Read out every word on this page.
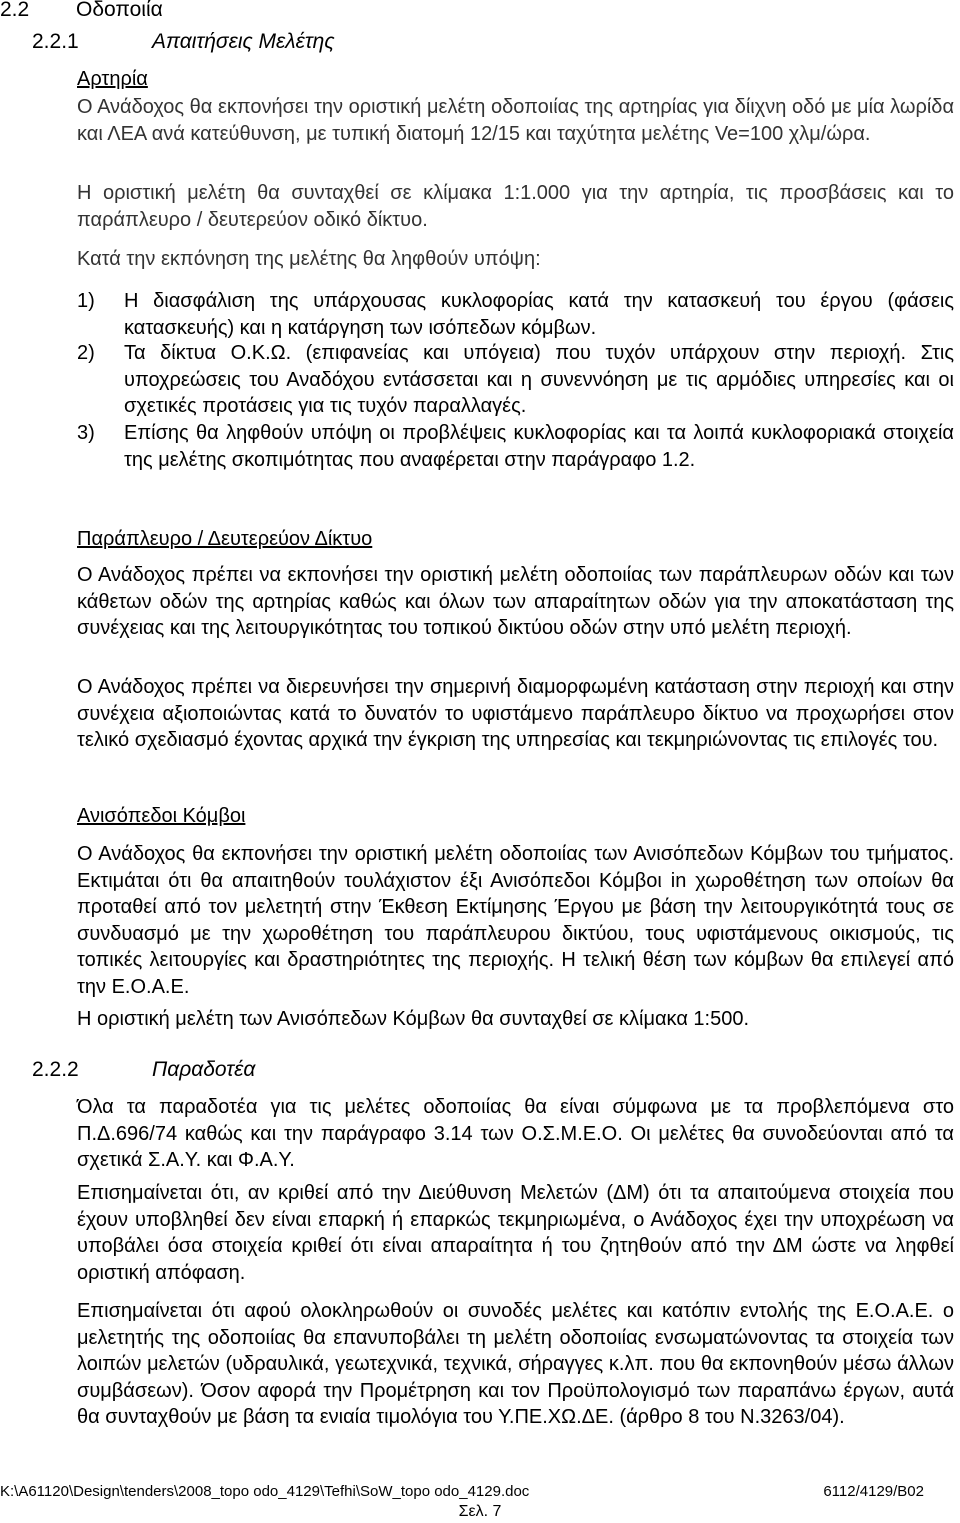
2.2 Οδοποιία
2.2.1	Απαιτήσεις Μελέτης
Αρτηρία
Ο Ανάδοχος θα εκπονήσει την οριστική μελέτη οδοποιίας της αρτηρίας για δίιχνη οδό με μία λωρίδα και ΛΕΑ ανά κατεύθυνση, με τυπική διατομή 12/15 και ταχύτητα μελέτης Ve=100 χλμ/ώρα.
Η οριστική μελέτη θα συνταχθεί σε κλίμακα 1:1.000 για την αρτηρία, τις προσβάσεις και το παράπλευρο / δευτερεύον οδικό δίκτυο.
Κατά την εκπόνηση της μελέτης θα ληφθούν υπόψη:
1) Η διασφάλιση της υπάρχουσας κυκλοφορίας κατά την κατασκευή του έργου (φάσεις κατασκευής) και η κατάργηση των ισόπεδων κόμβων.
2) Τα δίκτυα Ο.Κ.Ω. (επιφανείας και υπόγεια) που τυχόν υπάρχουν στην περιοχή. Στις υποχρεώσεις του Αναδόχου εντάσσεται και η συνεννόηση με τις αρμόδιες υπηρεσίες και οι σχετικές προτάσεις για τις τυχόν παραλλαγές.
3) Επίσης θα ληφθούν υπόψη οι προβλέψεις κυκλοφορίας και τα λοιπά κυκλοφοριακά στοιχεία της μελέτης σκοπιμότητας που αναφέρεται στην παράγραφο 1.2.
Παράπλευρο / Δευτερεύον Δίκτυο
Ο Ανάδοχος πρέπει να εκπονήσει την οριστική μελέτη οδοποιίας των παράπλευρων οδών και των κάθετων οδών της αρτηρίας καθώς και όλων των απαραίτητων οδών για την αποκατάσταση της συνέχειας και της λειτουργικότητας του τοπικού δικτύου οδών στην υπό μελέτη περιοχή.
Ο Ανάδοχος πρέπει να διερευνήσει την σημερινή διαμορφωμένη κατάσταση στην περιοχή και στην συνέχεια αξιοποιώντας κατά το δυνατόν το υφιστάμενο παράπλευρο δίκτυο να προχωρήσει στον τελικό σχεδιασμό έχοντας αρχικά την έγκριση της υπηρεσίας και τεκμηριώνοντας τις επιλογές του.
Ανισόπεδοι Κόμβοι
Ο Ανάδοχος θα εκπονήσει την οριστική μελέτη οδοποιίας των Ανισόπεδων Κόμβων του τμήματος. Εκτιμάται ότι θα απαιτηθούν τουλάχιστον έξι Ανισόπεδοι Κόμβοι in χωροθέτηση των οποίων θα προταθεί από τον μελετητή στην Έκθεση Εκτίμησης Έργου με βάση την λειτουργικότητά τους σε συνδυασμό με την χωροθέτηση του παράπλευρου δικτύου, τους υφιστάμενους οικισμούς, τις τοπικές λειτουργίες και δραστηριότητες της περιοχής. Η τελική θέση των κόμβων θα επιλεγεί από την Ε.Ο.Α.Ε.
Η οριστική μελέτη των Ανισόπεδων Κόμβων θα συνταχθεί σε κλίμακα 1:500.
2.2.2	Παραδοτέα
Όλα τα παραδοτέα για τις μελέτες οδοποιίας θα είναι σύμφωνα με τα προβλεπόμενα στο Π.Δ.696/74 καθώς και την παράγραφο 3.14 των Ο.Σ.Μ.Ε.Ο. Οι μελέτες θα συνοδεύονται από τα σχετικά Σ.Α.Υ. και Φ.Α.Υ.
Επισημαίνεται ότι, αν κριθεί από την Διεύθυνση Μελετών (ΔΜ) ότι τα απαιτούμενα στοιχεία που έχουν υποβληθεί δεν είναι επαρκή ή επαρκώς τεκμηριωμένα, ο Ανάδοχος έχει την υποχρέωση να υποβάλει όσα στοιχεία κριθεί ότι είναι απαραίτητα ή του ζητηθούν από την ΔΜ ώστε να ληφθεί οριστική απόφαση.
Επισημαίνεται ότι αφού ολοκληρωθούν οι συνοδές μελέτες και κατόπιν εντολής της Ε.Ο.Α.Ε. ο μελετητής της οδοποιίας θα επανυποβάλει τη μελέτη οδοποιίας ενσωματώνοντας τα στοιχεία των λοιπών μελετών (υδραυλικά, γεωτεχνικά, τεχνικά, σήραγγες κ.λπ. που θα εκπονηθούν μέσω άλλων συμβάσεων). Όσον αφορά την Προμέτρηση και τον Προϋπολογισμό των παραπάνω έργων, αυτά θα συνταχθούν με βάση τα ενιαία τιμολόγια του Υ.ΠΕ.ΧΩ.ΔΕ. (άρθρο 8 του Ν.3263/04).
K:\A61120\Design\tenders\2008_topo odo_4129\Tefhi\SoW_topo odo_4129.doc	6112/4129/B02
Σελ. 7
